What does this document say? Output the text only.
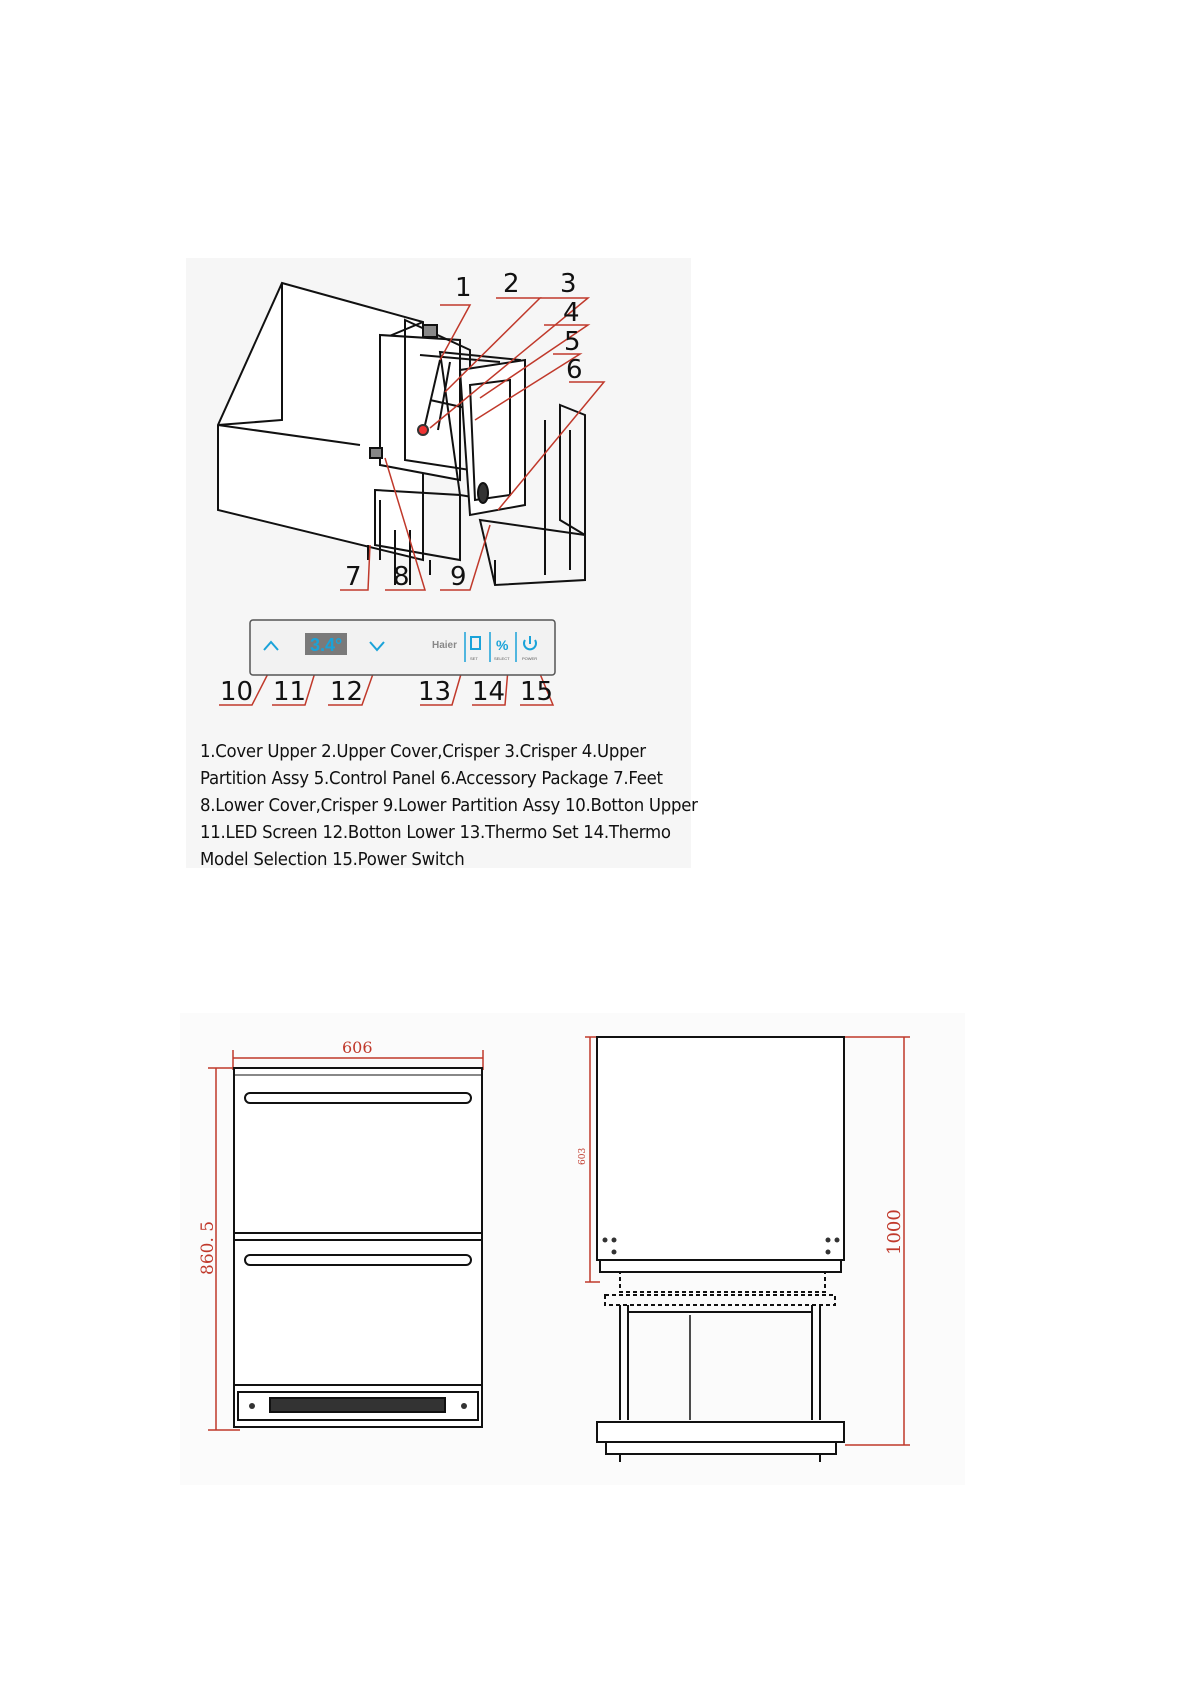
1 2 3
4
5
6
7 8 9
10 11 12 13 14 15
3.4°	Haier
SET
%
SELECT	POWER
606
860. 5
603
1000
1.Cover Upper 2.Upper Cover,Crisper 3.Crisper 4.Upper
Partition Assy 5.Control Panel 6.Accessory Package 7.Feet
8.Lower Cover,Crisper 9.Lower Partition Assy 10.Botton Upper
11.LED Screen 12.Botton Lower 13.Thermo Set 14.Thermo
Model Selection 15.Power Switch
